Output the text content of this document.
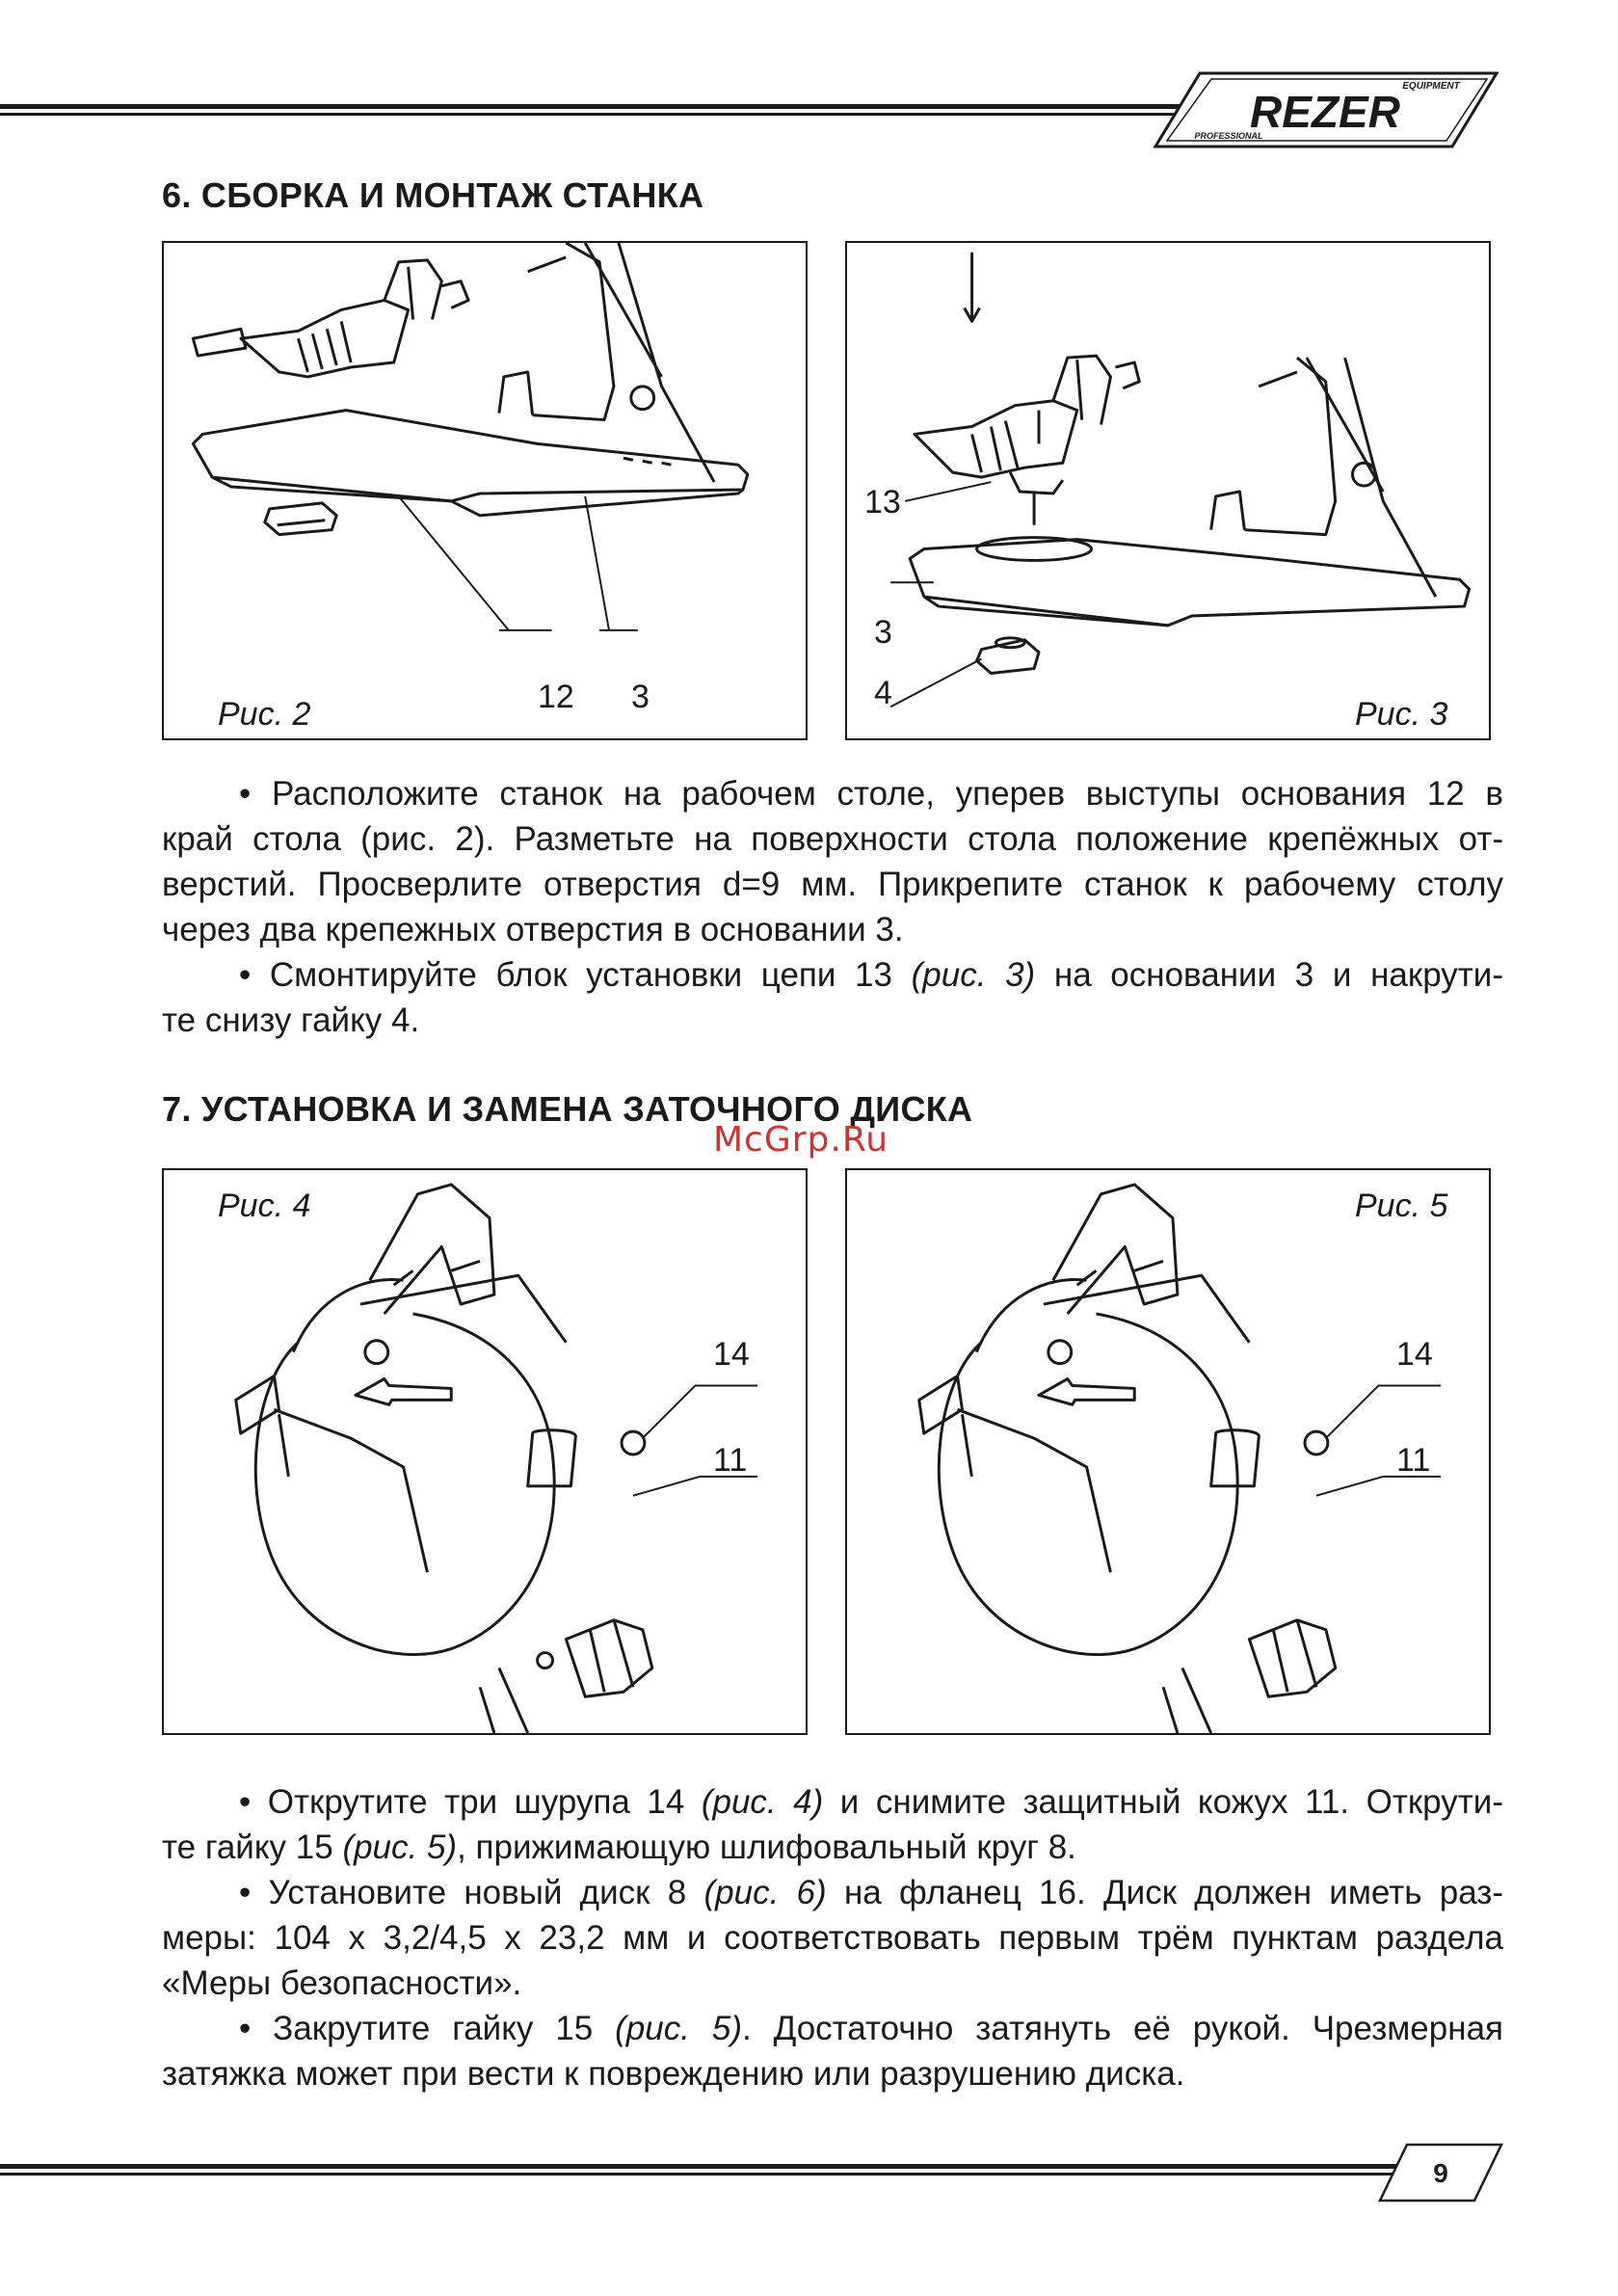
REZER
EQUIPMENT
PROFESSIONAL
6. СБОРКА И МОНТАЖ СТАНКА
Рис. 2	12 3
13
3
4
Рис. 3
• Расположите станок на рабочем столе, уперев выступы основания 12 в
край стола (рис. 2). Разметьте на поверхности стола положение крепёжных от-
верстий. Просверлите отверстия d=9 мм. Прикрепите станок к рабочему столу
через два крепежных отверстия в основании 3.
• Смонтируйте блок установки цепи 13 (рис. 3) на основании 3 и накрути-
те снизу гайку 4.
7. УСТАНОВКА И ЗАМЕНА ЗАТОЧНОГО ДИСКА
McGrp.Ru
Рис. 4
14
11
Рис. 5
14
11
• Открутите три шурупа 14 (рис. 4) и снимите защитный кожух 11. Открути-
те гайку 15 (рис. 5), прижимающую шлифовальный круг 8.
• Установите новый диск 8 (рис. 6) на фланец 16. Диск должен иметь раз-
меры: 104 х 3,2/4,5 х 23,2 мм и соответствовать первым трём пунктам раздела
«Меры безопасности».
• Закрутите гайку 15 (рис. 5). Достаточно затянуть её рукой. Чрезмерная
затяжка может при вести к повреждению или разрушению диска.
9
